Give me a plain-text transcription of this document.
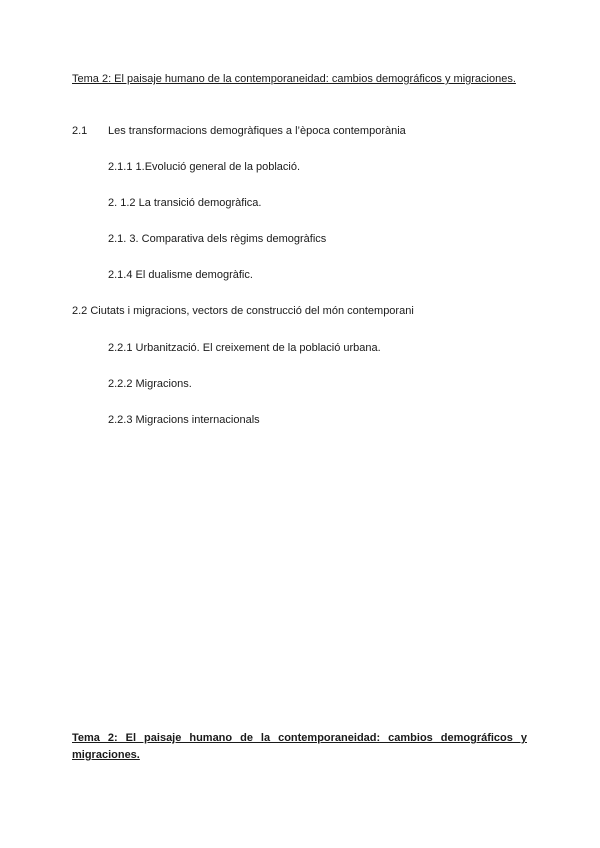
Tema 2: El paisaje humano de la contemporaneidad: cambios demográficos y migraciones.
2.1 Les transformacions demogràfiques a l’època contemporània
2.1.1 1.Evolució general de la població.
2. 1.2 La transició demogràfica.
2.1. 3. Comparativa dels règims demogràfics
2.1.4 El dualisme demogràfic.
2.2 Ciutats i migracions, vectors de construcció del món contemporani
2.2.1 Urbanització. El creixement de la població urbana.
2.2.2 Migracions.
2.2.3 Migracions internacionals
Tema 2: El paisaje humano de la contemporaneidad: cambios demográficos y migraciones.
